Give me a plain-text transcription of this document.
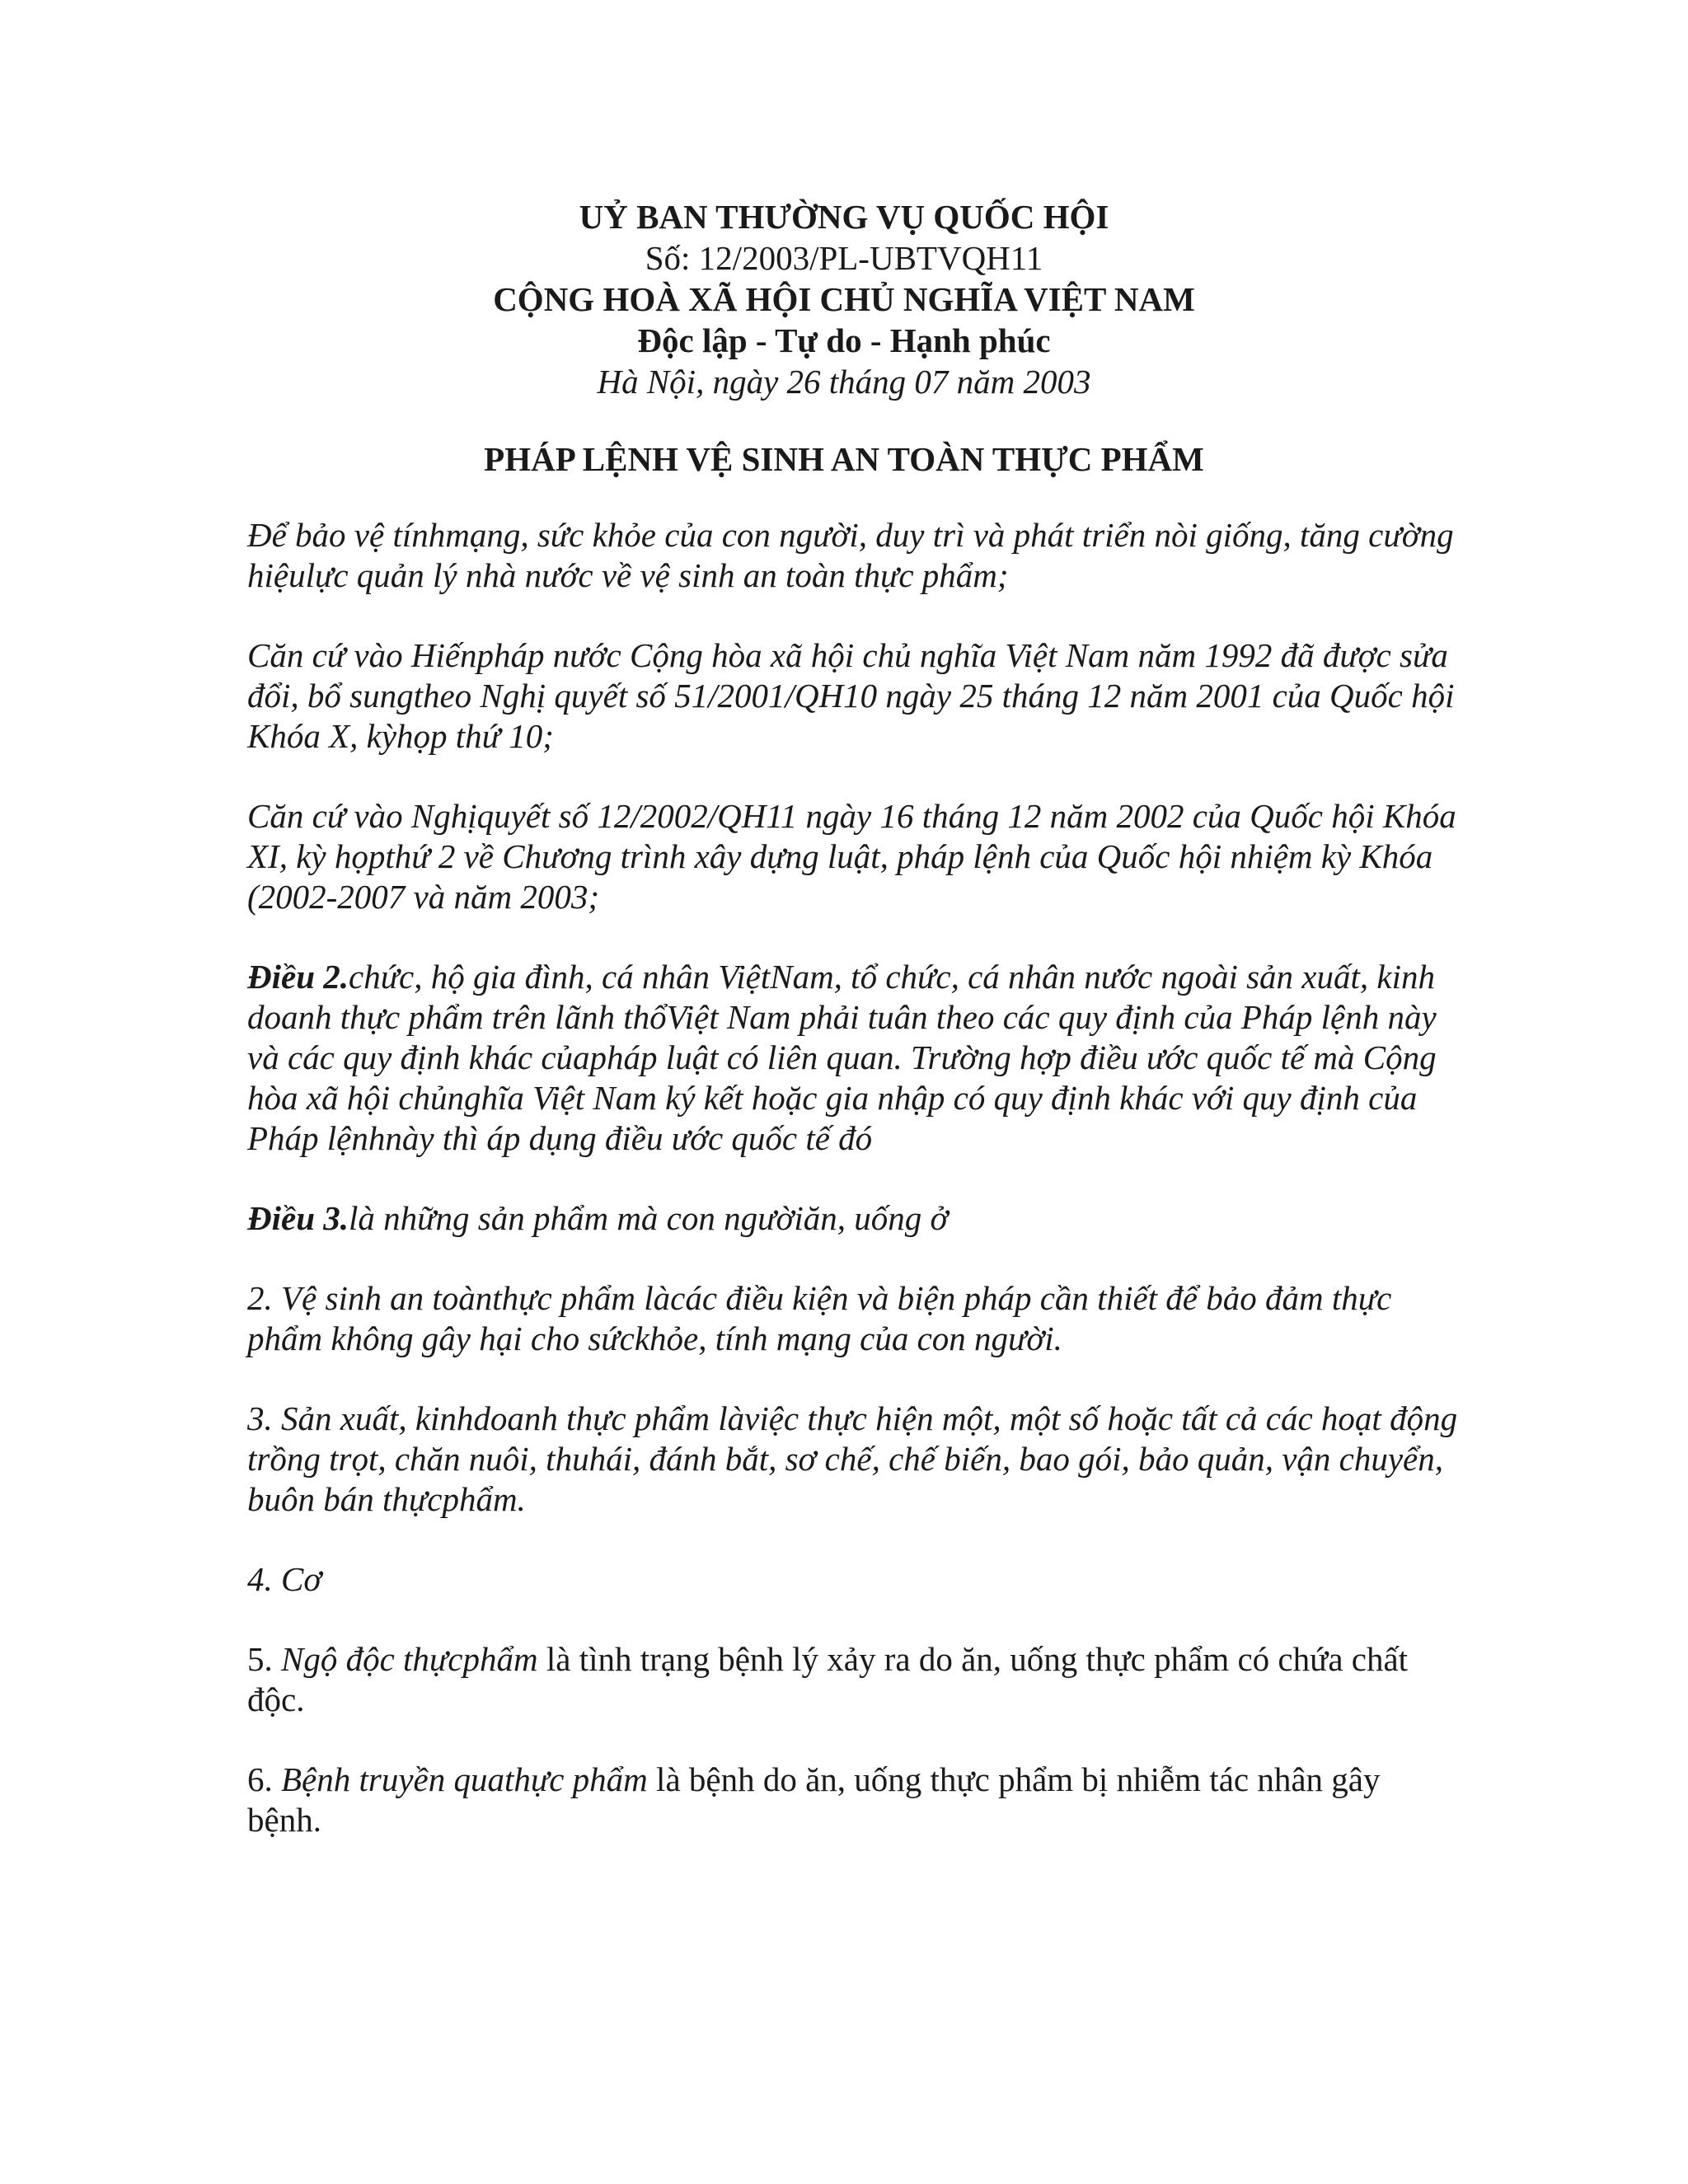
UỶ BAN THƯỜNG VỤ QUỐC HỘI

Số: 12/2003/PL-UBTVQH11

CỘNG HOÀ XÃ HỘI CHỦ NGHĨA VIỆT NAM

Độc lập - Tự do - Hạnh phúc

Hà Nội, ngày 26 tháng 07 năm 2003

PHÁP LỆNH VỆ SINH AN TOÀN THỰC PHẨM

Để bảo vệ tínhmạng, sức khỏe của con người, duy trì và phát triển nòi giống, tăng cường hiệulực quản lý nhà nước về vệ sinh an toàn thực phẩm;

Căn cứ vào Hiếnpháp nước Cộng hòa xã hội chủ nghĩa Việt Nam năm 1992 đã được sửa đổi, bổ sungtheo Nghị quyết số 51/2001/QH10 ngày 25 tháng 12 năm 2001 của Quốc hội Khóa X, kỳhọp thứ 10;

Căn cứ vào Nghịquyết số 12/2002/QH11 ngày 16 tháng 12 năm 2002 của Quốc hội Khóa XI, kỳ họpthứ 2 về Chương trình xây dựng luật, pháp lệnh của Quốc hội nhiệm kỳ Khóa (2002-2007 và năm 2003;

Điều 2.chức, hộ gia đình, cá nhân ViệtNam, tổ chức, cá nhân nước ngoài sản xuất, kinh doanh thực phẩm trên lãnh thổViệt Nam phải tuân theo các quy định của Pháp lệnh này và các quy định khác củapháp luật có liên quan. Trường hợp điều ước quốc tế mà Cộng hòa xã hội chủnghĩa Việt Nam ký kết hoặc gia nhập có quy định khác với quy định của Pháp lệnhnày thì áp dụng điều ước quốc tế đó

Điều 3.là những sản phẩm mà con ngườiăn, uống ở

2. Vệ sinh an toànthực phẩm làcác điều kiện và biện pháp cần thiết để bảo đảm thực phẩm không gây hại cho sứckhỏe, tính mạng của con người.

3. Sản xuất, kinhdoanh thực phẩm làviệc thực hiện một, một số hoặc tất cả các hoạt động trồng trọt, chăn nuôi, thuhái, đánh bắt, sơ chế, chế biến, bao gói, bảo quản, vận chuyển, buôn bán thựcphẩm.

4. Cơ

5. Ngộ độc thựcphẩm là tình trạng bệnh lý xảy ra do ăn, uống thực phẩm có chứa chất độc.

6. Bệnh truyền quathực phẩm là bệnh do ăn, uống thực phẩm bị nhiễm tác nhân gây bệnh.
